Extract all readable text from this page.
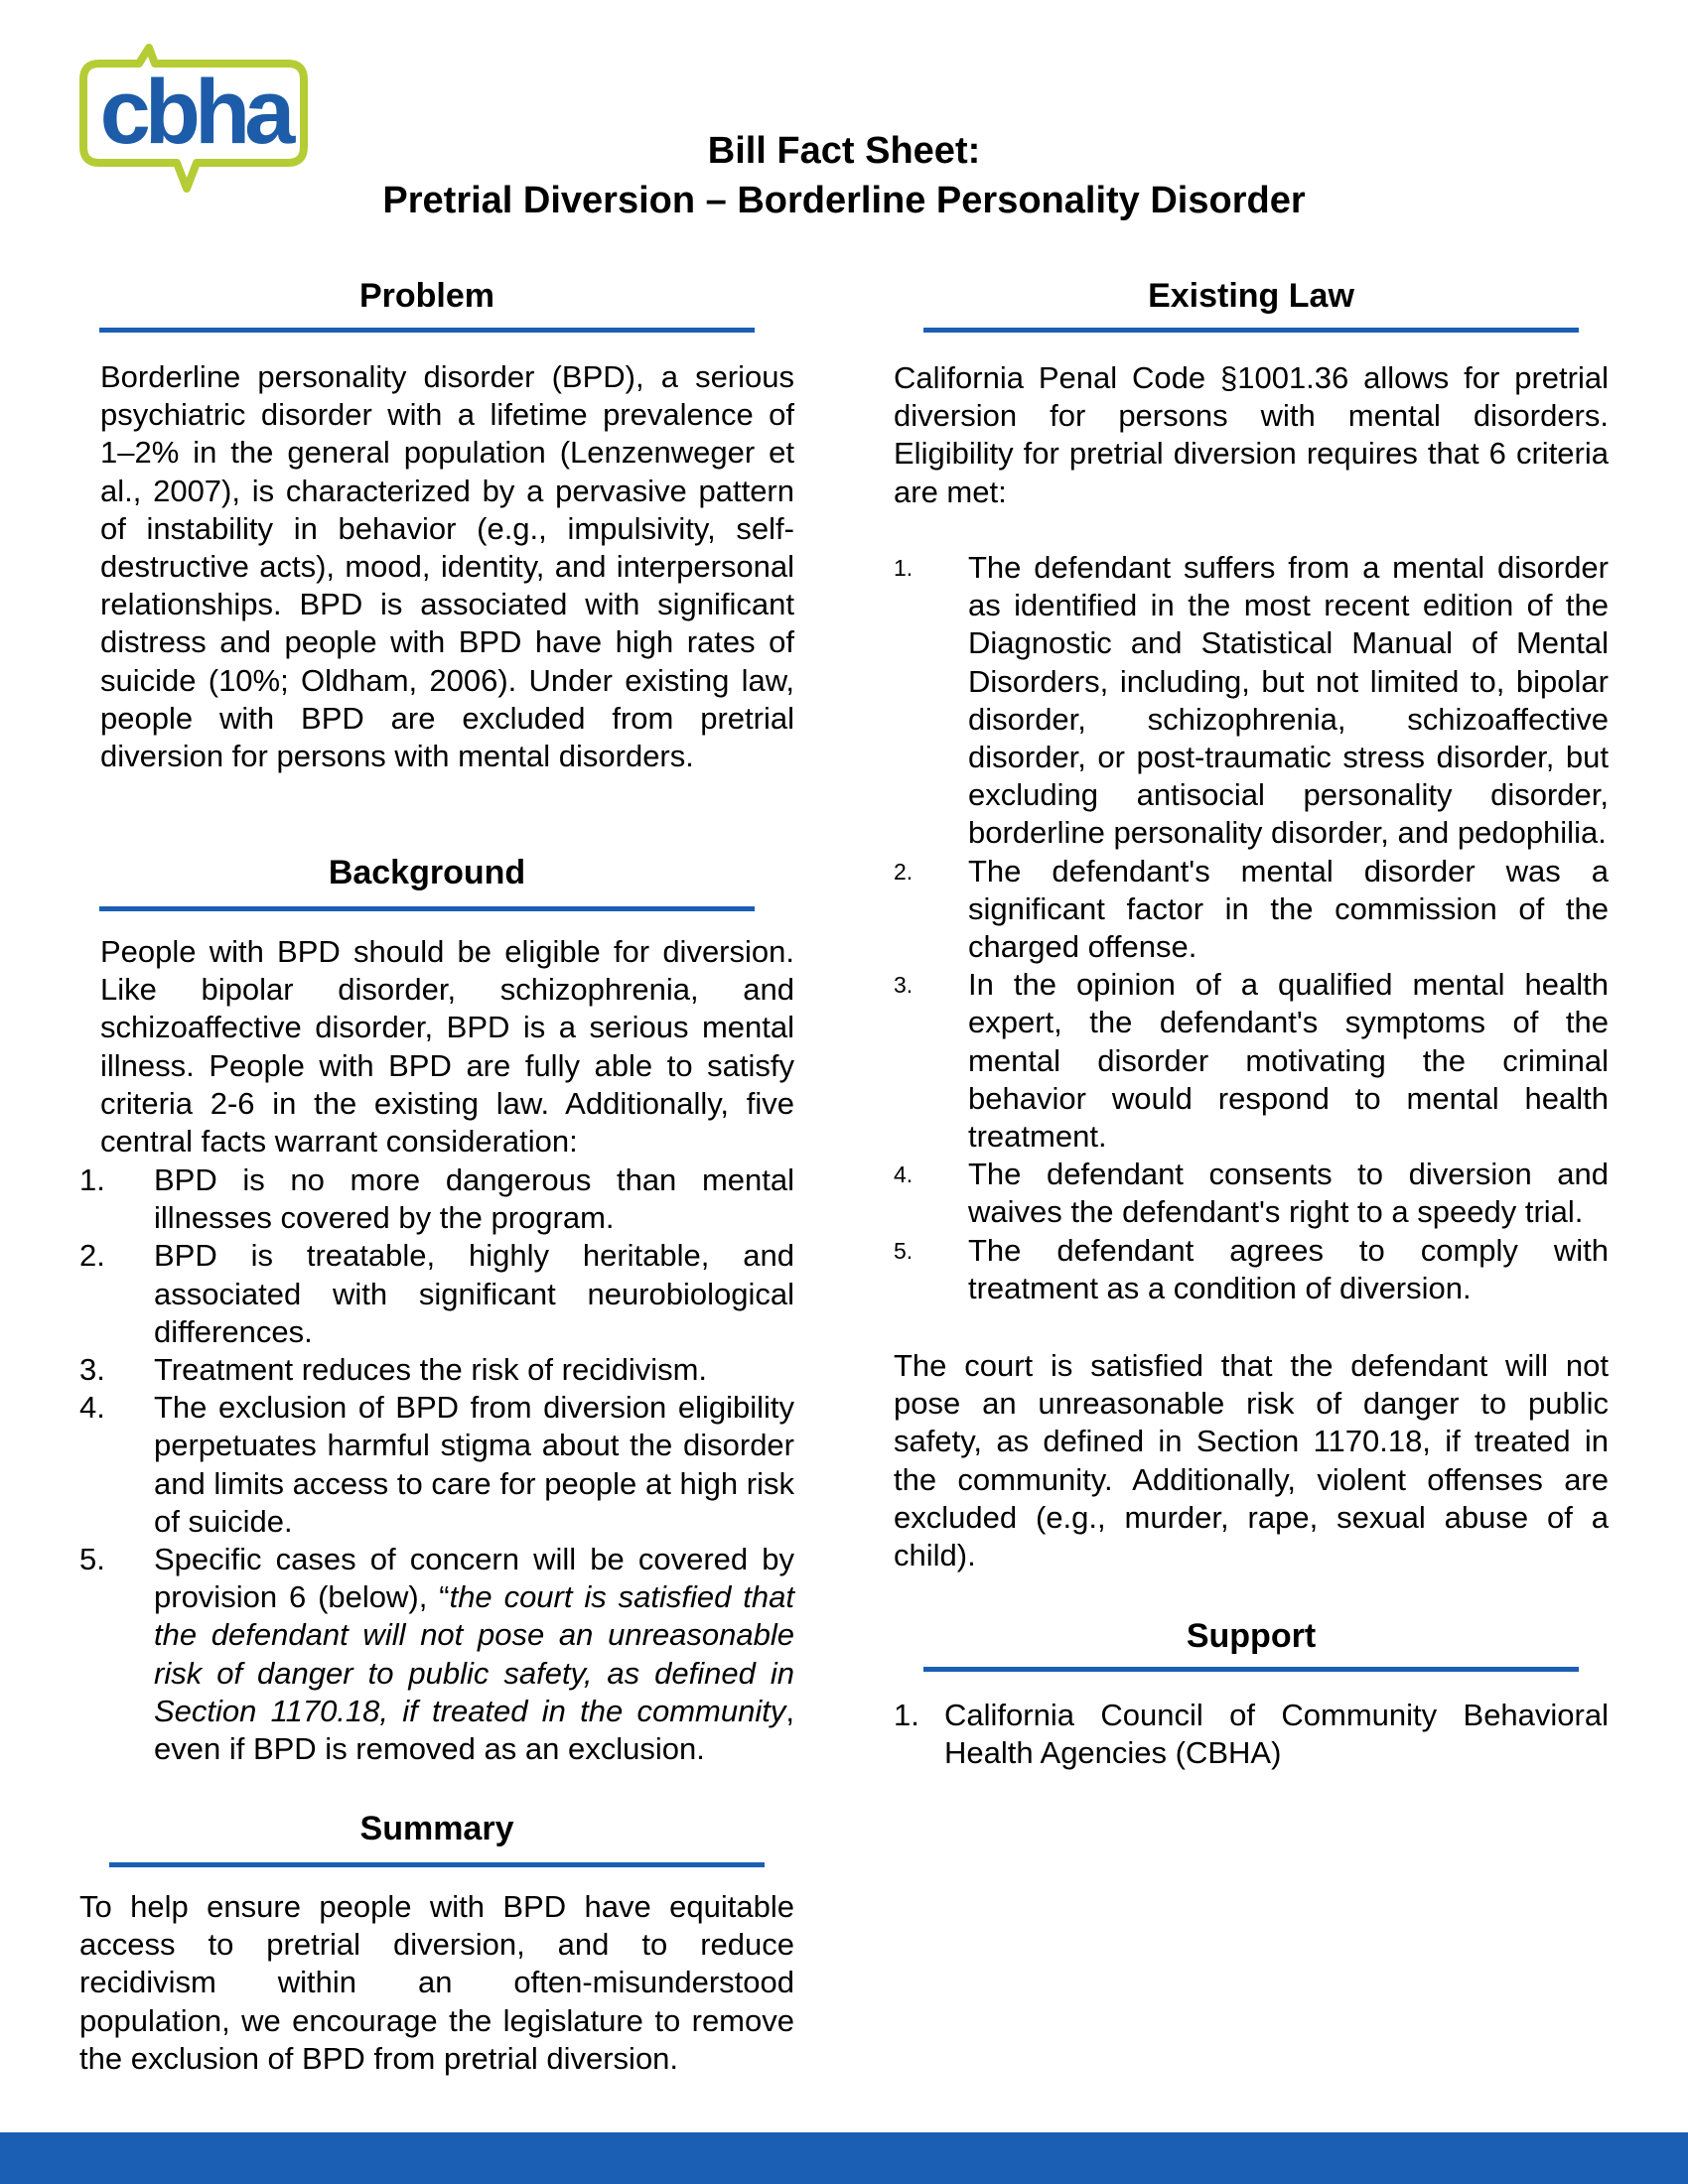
cbha	Bill Fact Sheet:
Pretrial Diversion – Borderline Personality Disorder
Problem

Borderline personality disorder (BPD), a serious psychiatric disorder with a lifetime prevalence of 1–2% in the general population (Lenzenweger et al., 2007), is characterized by a pervasive pattern of instability in behavior (e.g., impulsivity, self-destructive acts), mood, identity, and interpersonal relationships. BPD is associated with significant distress and people with BPD have high rates of suicide (10%; Oldham, 2006). Under existing law, people with BPD are excluded from pretrial diversion for persons with mental disorders.

Background

People with BPD should be eligible for diversion. Like bipolar disorder, schizophrenia, and schizoaffective disorder, BPD is a serious mental illness. People with BPD are fully able to satisfy criteria 2-6 in the existing law. Additionally, five central facts warrant consideration:

1. BPD is no more dangerous than mental illnesses covered by the program.
2. BPD is treatable, highly heritable, and associated with significant neurobiological differences.
3. Treatment reduces the risk of recidivism.
4. The exclusion of BPD from diversion eligibility perpetuates harmful stigma about the disorder and limits access to care for people at high risk of suicide.
5. Specific cases of concern will be covered by provision 6 (below), “the court is satisfied that the defendant will not pose an unreasonable risk of danger to public safety, as defined in Section 1170.18, if treated in the community, even if BPD is removed as an exclusion.
Summary

To help ensure people with BPD have equitable access to pretrial diversion, and to reduce recidivism within an often-misunderstood population, we encourage the legislature to remove the exclusion of BPD from pretrial diversion.

Existing Law

California Penal Code §1001.36 allows for pretrial diversion for persons with mental disorders. Eligibility for pretrial diversion requires that 6 criteria are met:

1. The defendant suffers from a mental disorder as identified in the most recent edition of the Diagnostic and Statistical Manual of Mental Disorders, including, but not limited to, bipolar disorder, schizophrenia, schizoaffective disorder, or post-traumatic stress disorder, but excluding antisocial personality disorder, borderline personality disorder, and pedophilia.
2. The defendant's mental disorder was a significant factor in the commission of the charged offense.
3. In the opinion of a qualified mental health expert, the defendant's symptoms of the mental disorder motivating the criminal behavior would respond to mental health treatment.
4. The defendant consents to diversion and waives the defendant's right to a speedy trial.
5. The defendant agrees to comply with treatment as a condition of diversion.

The court is satisfied that the defendant will not pose an unreasonable risk of danger to public safety, as defined in Section 1170.18, if treated in the community. Additionally, violent offenses are excluded (e.g., murder, rape, sexual abuse of a child).

Support
1. California Council of Community Behavioral Health Agencies (CBHA)
